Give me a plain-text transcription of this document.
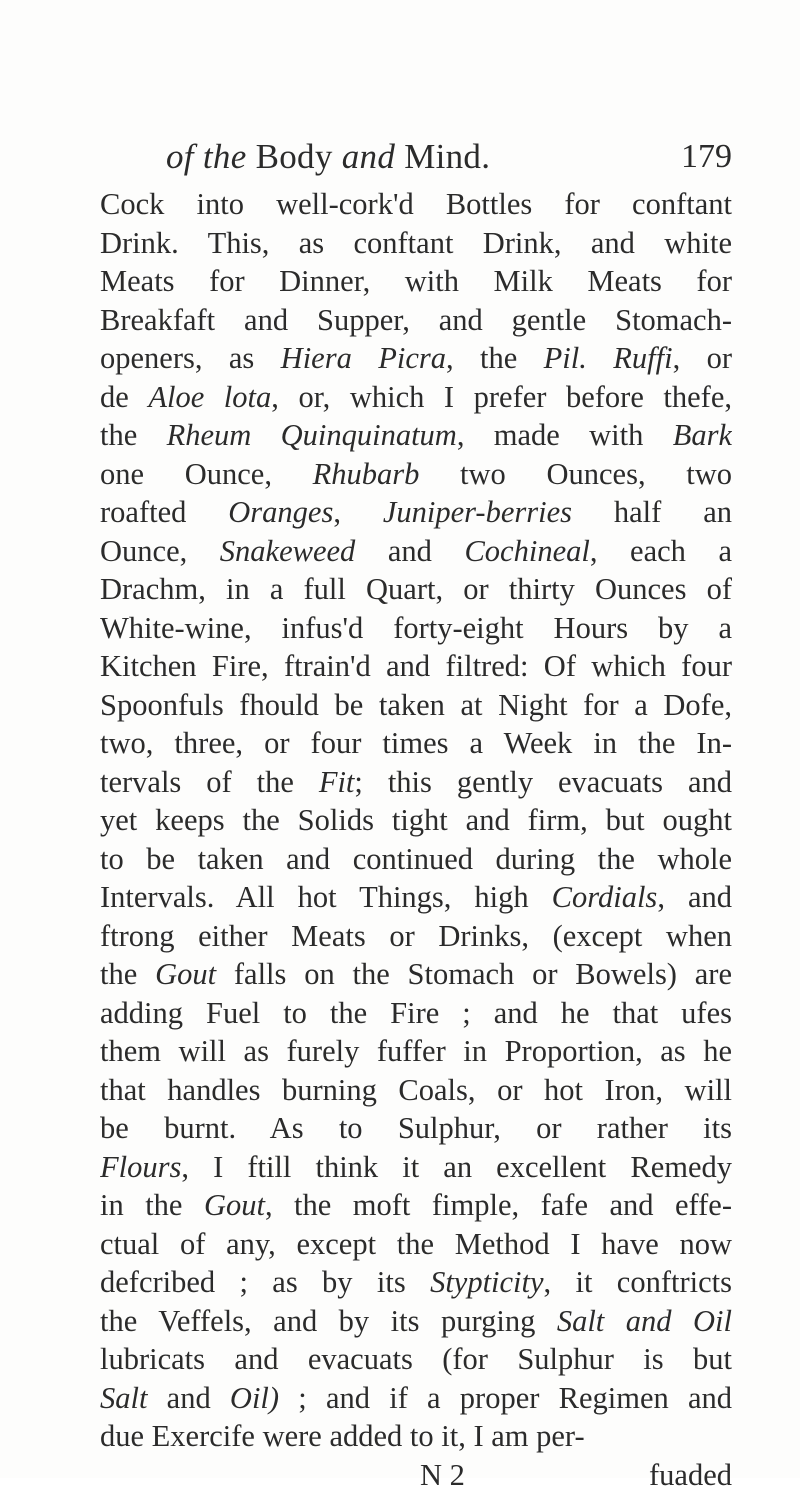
of the Body and Mind.	179
Cock into well-cork'd Bottles for conftant
Drink. This, as conftant Drink, and white
Meats for Dinner, with Milk Meats for
Breakfaft and Supper, and gentle Stomach-
openers, as Hiera Picra, the Pil. Ruffi, or
de Aloe lota, or, which I prefer before thefe,
the Rheum Quinquinatum, made with Bark
one Ounce, Rhubarb two Ounces, two
roafted Oranges, Juniper-berries half an
Ounce, Snakeweed and Cochineal, each a
Drachm, in a full Quart, or thirty Ounces of
White-wine, infus'd forty-eight Hours by a
Kitchen Fire, ftrain'd and filtred: Of which four
Spoonfuls fhould be taken at Night for a Dofe,
two, three, or four times a Week in the In-
tervals of the Fit; this gently evacuats and
yet keeps the Solids tight and firm, but ought
to be taken and continued during the whole
Intervals. All hot Things, high Cordials, and
ftrong either Meats or Drinks, (except when
the Gout falls on the Stomach or Bowels) are
adding Fuel to the Fire ; and he that ufes
them will as furely fuffer in Proportion, as he
that handles burning Coals, or hot Iron, will
be burnt. As to Sulphur, or rather its
Flours, I ftill think it an excellent Remedy
in the Gout, the moft fimple, fafe and effe-
ctual of any, except the Method I have now
defcribed ; as by its Stypticity, it conftricts
the Veffels, and by its purging Salt and Oil
lubricats and evacuats (for Sulphur is but
Salt and Oil) ; and if a proper Regimen and
due Exercife were added to it, I am per-
N 2	fuaded
